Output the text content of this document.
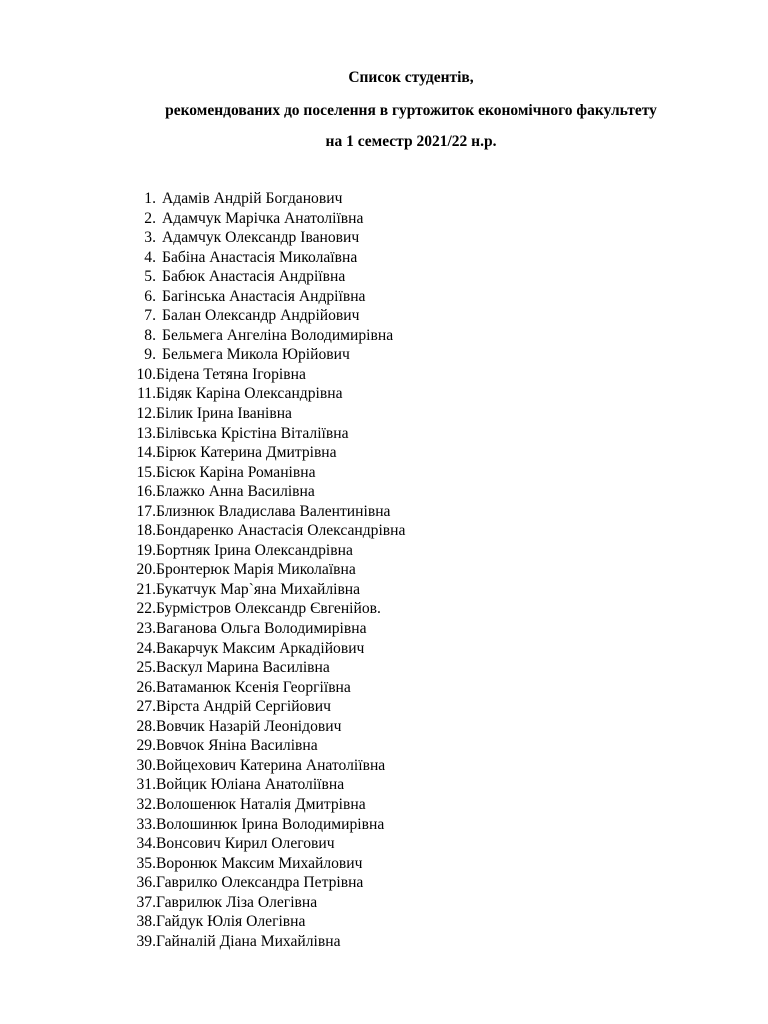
Список студентів,
рекомендованих до поселення в гуртожиток економічного факультету
на 1 семестр 2021/22 н.р.
1. Адамів Андрій Богданович
2. Адамчук Марічка Анатоліївна
3. Адамчук Олександр Іванович
4. Бабіна Анастасія Миколаївна
5. Бабюк Анастасія Андріївна
6. Багінська Анастасія Андріївна
7. Балан Олександр Андрійович
8. Бельмега Ангеліна Володимирівна
9. Бельмега Микола Юрійович
10.Бідена Тетяна Ігорівна
11.Бідяк Каріна Олександрівна
12.Білик Ірина Іванівна
13.Білівська Крістіна Віталіївна
14.Бірюк Катерина Дмитрівна
15.Бісюк Каріна Романівна
16.Блажко Анна Василівна
17.Близнюк Владислава Валентинівна
18.Бондаренко Анастасія Олександрівна
19.Бортняк Ірина Олександрівна
20.Бронтерюк Марія Миколаївна
21.Букатчук Мар`яна Михайлівна
22.Бурмістров Олександр Євгенійов.
23.Ваганова Ольга Володимирівна
24.Вакарчук Максим Аркадійович
25.Васкул Марина Василівна
26.Ватаманюк Ксенія Георгіївна
27.Вірста Андрій Сергійович
28.Вовчик Назарій Леонідович
29.Вовчок Яніна Василівна
30.Войцехович Катерина Анатоліївна
31.Войцик Юліана Анатоліївна
32.Волошенюк Наталія Дмитрівна
33.Волошинюк Ірина Володимирівна
34.Вонсович Кирил Олегович
35.Воронюк Максим Михайлович
36.Гаврилко Олександра Петрівна
37.Гаврилюк Ліза Олегівна
38.Гайдук Юлія Олегівна
39.Гайналій Діана Михайлівна
